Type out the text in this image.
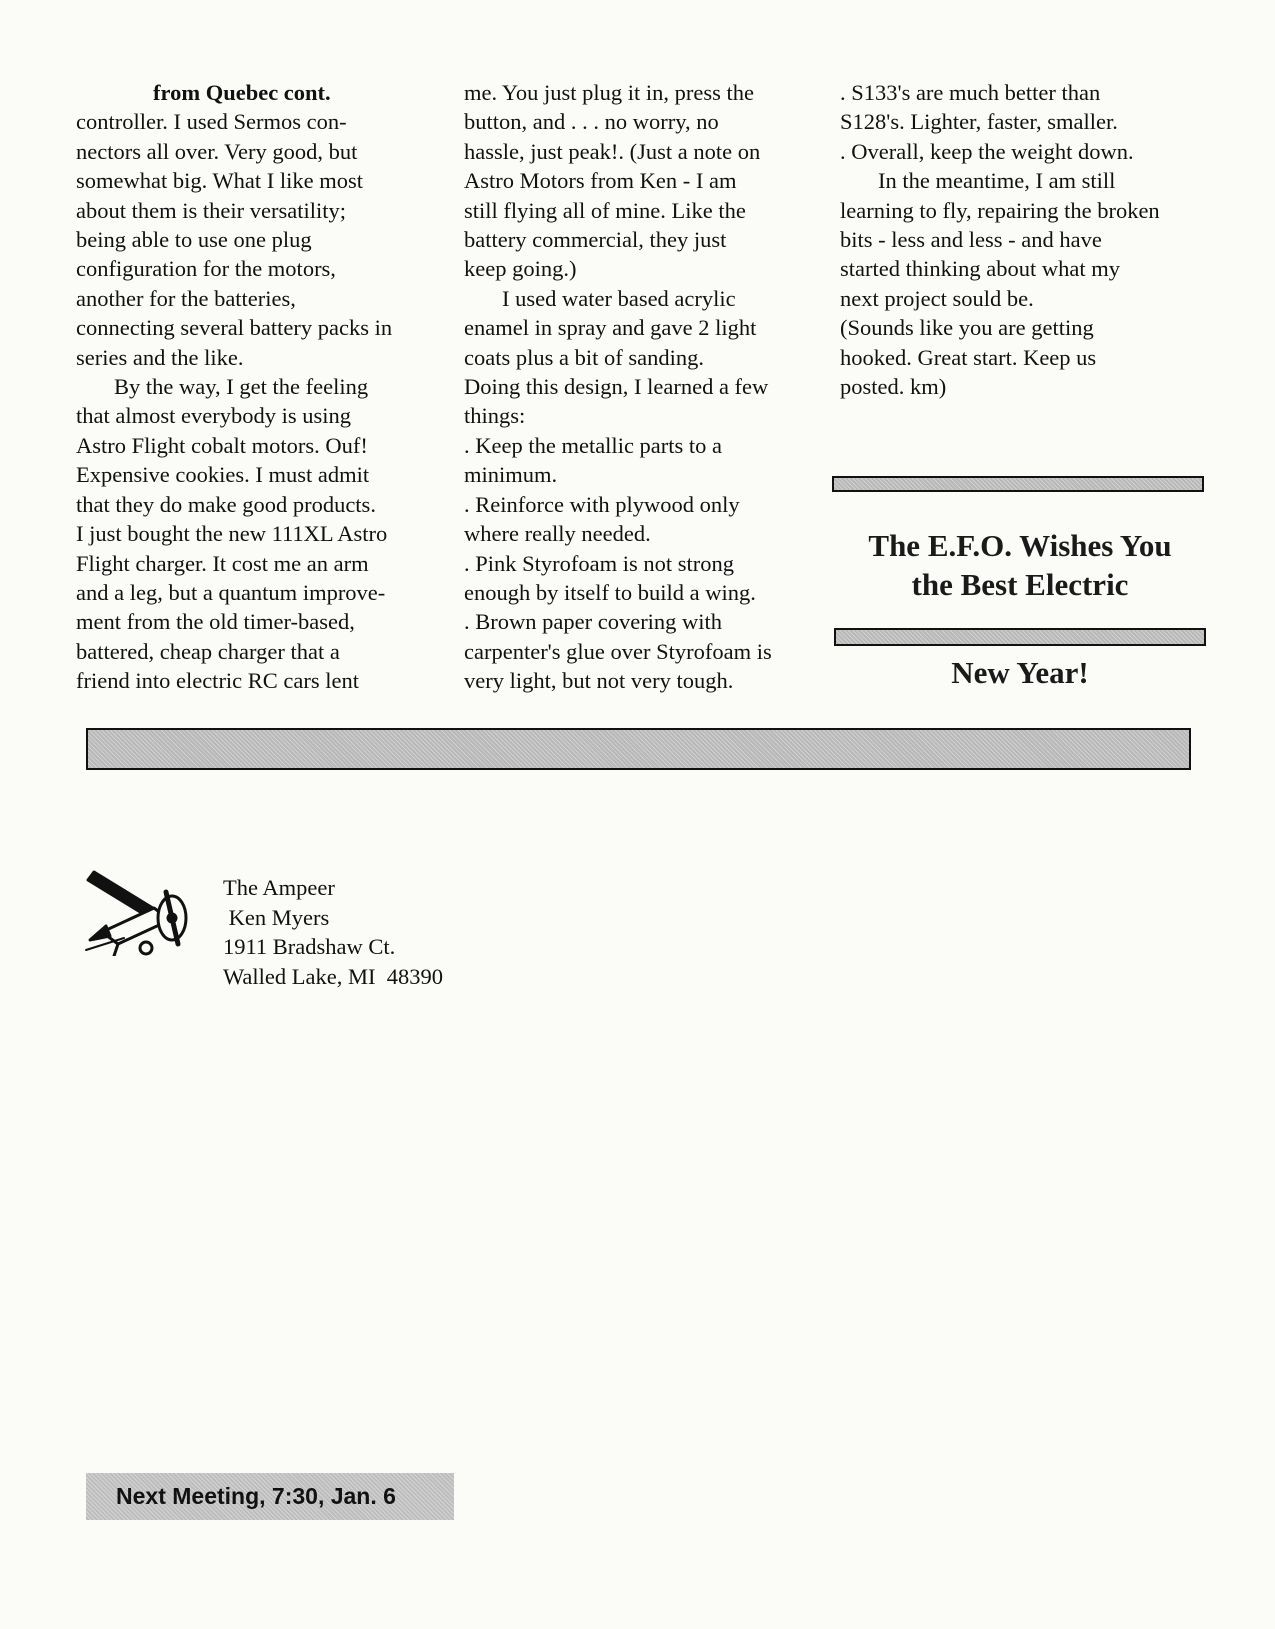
from Quebec cont.

controller. I used Sermos con-

nectors all over. Very good, but

somewhat big. What I like most

about them is their versatility;

being able to use one plug

configuration for the motors,

another for the batteries,

connecting several battery packs in

series and the like.

By the way, I get the feeling

that almost everybody is using

Astro Flight cobalt motors. Ouf!

Expensive cookies. I must admit

that they do make good products.

I just bought the new 111XL Astro

Flight charger. It cost me an arm

and a leg, but a quantum improve-

ment from the old timer-based,

battered, cheap charger that a

friend into electric RC cars lent

me. You just plug it in, press the

button, and . . . no worry, no

hassle, just peak!. (Just a note on

Astro Motors from Ken - I am

still flying all of mine. Like the

battery commercial, they just

keep going.)

I used water based acrylic

enamel in spray and gave 2 light

coats plus a bit of sanding.

Doing this design, I learned a few

things:

. Keep the metallic parts to a

minimum.

. Reinforce with plywood only

where really needed.

. Pink Styrofoam is not strong

enough by itself to build a wing.

. Brown paper covering with

carpenter's glue over Styrofoam is

very light, but not very tough.

. S133's are much better than

S128's. Lighter, faster, smaller.

. Overall, keep the weight down.

In the meantime, I am still

learning to fly, repairing the broken

bits - less and less - and have

started thinking about what my

next project sould be.

(Sounds like you are getting

hooked. Great start. Keep us

posted. km)

The E.F.O. Wishes You
the Best Electric
New Year!
The Ampeer
Ken Myers
1911 Bradshaw Ct.
Walled Lake, MI  48390
Next Meeting, 7:30, Jan. 6
